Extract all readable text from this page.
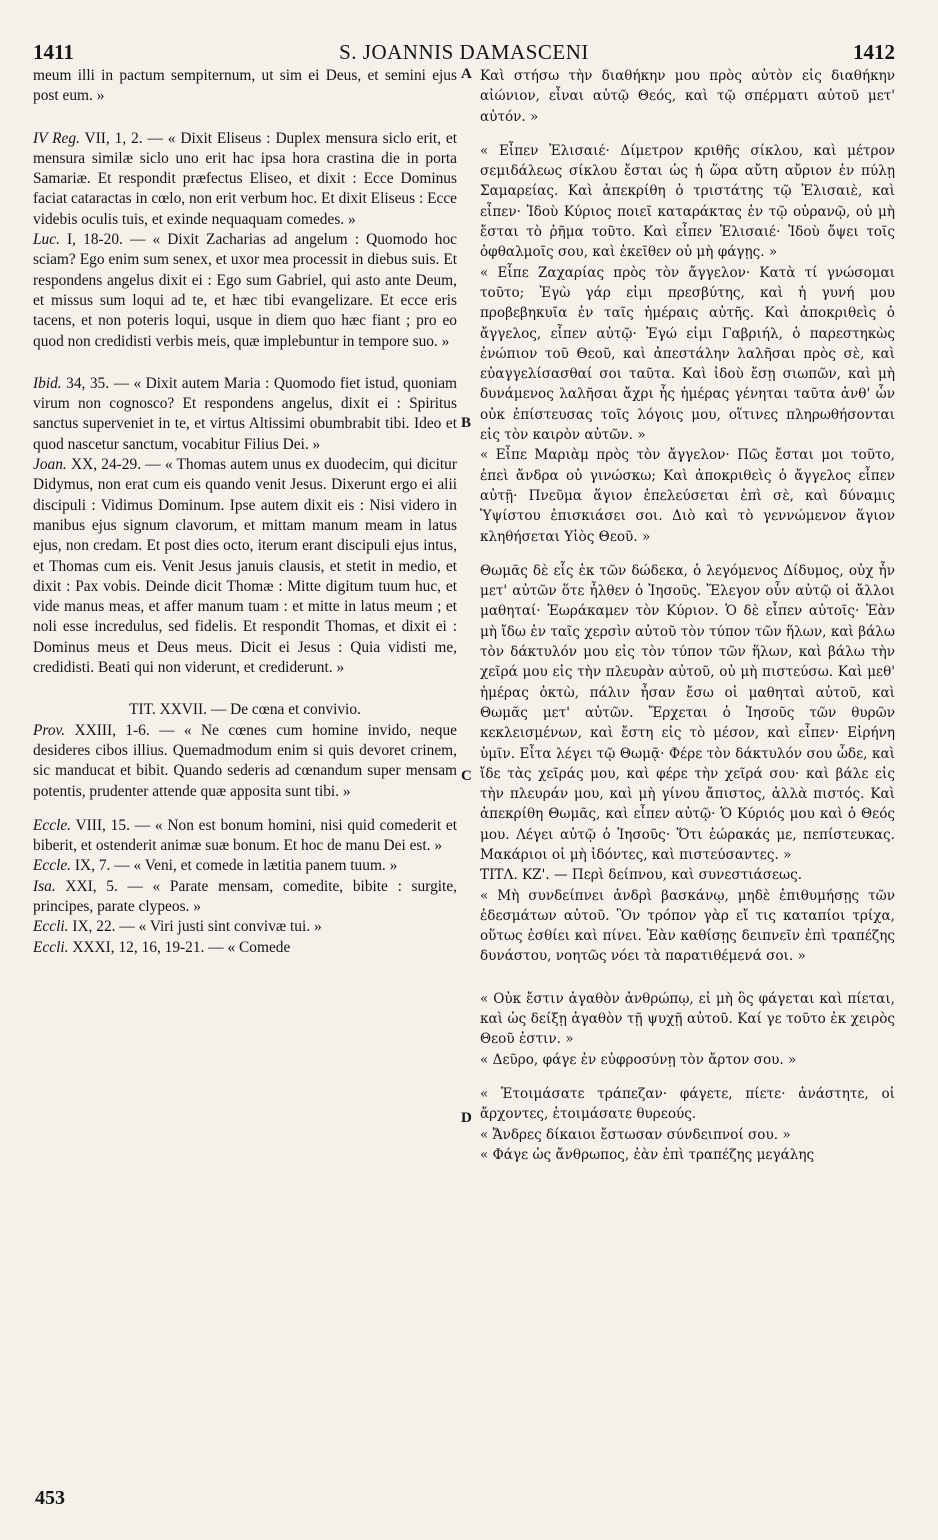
1411	S. JOANNIS DAMASCENI	1412

meum illi in pactum sempiternum, ut sim ei Deus, et semini ejus post eum. »

IV Reg. VII, 1, 2. — « Dixit Eliseus : Duplex mensura siclo erit, et mensura similæ siclo uno erit hac ipsa hora crastina die in porta Samariæ. Et respondit præfectus Eliseo, et dixit : Ecce Dominus faciat cataractas in cœlo, non erit verbum hoc. Et dixit Eliseus : Ecce videbis oculis tuis, et exinde nequaquam comedes. »

Luc. I, 18-20. — « Dixit Zacharias ad angelum : Quomodo hoc sciam? Ego enim sum senex, et uxor mea processit in diebus suis. Et respondens angelus dixit ei : Ego sum Gabriel, qui asto ante Deum, et missus sum loqui ad te, et hæc tibi evangelizare. Et ecce eris tacens, et non poteris loqui, usque in diem quo hæc fiant ; pro eo quod non credidisti verbis meis, quæ implebuntur in tempore suo. »

Ibid. 34, 35. — « Dixit autem Maria : Quomodo fiet istud, quoniam virum non cognosco? Et respondens angelus, dixit ei : Spiritus sanctus superveniet in te, et virtus Altissimi obumbrabit tibi. Ideo et quod nascetur sanctum, vocabitur Filius Dei. »

Joan. XX, 24-29. — « Thomas autem unus ex duodecim, qui dicitur Didymus, non erat cum eis quando venit Jesus. Dixerunt ergo ei alii discipuli : Vidimus Dominum. Ipse autem dixit eis : Nisi videro in manibus ejus signum clavorum, et mittam manum meam in latus ejus, non credam. Et post dies octo, iterum erant discipuli ejus intus, et Thomas cum eis. Venit Jesus januis clausis, et stetit in medio, et dixit : Pax vobis. Deinde dicit Thomæ : Mitte digitum tuum huc, et vide manus meas, et affer manum tuam : et mitte in latus meum ; et noli esse incredulus, sed fidelis. Et respondit Thomas, et dixit ei : Dominus meus et Deus meus. Dicit ei Jesus : Quia vidisti me, credidisti. Beati qui non viderunt, et crediderunt. »

TIT. XXVII. — De cœna et convivio.

Prov. XXIII, 1-6. — « Ne cœnes cum homine invido, neque desideres cibos illius. Quemadmodum enim si quis devoret crinem, sic manducat et bibit. Quando sederis ad cœnandum super mensam potentis, prudenter attende quæ apposita sunt tibi. »

Eccle. VIII, 15. — « Non est bonum homini, nisi quid comederit et biberit, et ostenderit animæ suæ bonum. Et hoc de manu Dei est. »

Eccle. IX, 7. — « Veni, et comede in lætitia panem tuum. »

Isa. XXI, 5. — « Parate mensam, comedite, bibite : surgite, principes, parate clypeos. »

Eccli. IX, 22. — « Viri justi sint convivæ tui. »

Eccli. XXXI, 12, 16, 19-21. — « Comede

Καὶ στήσω τὴν διαθήκην μου πρὸς αὐτὸν εἰς διαθήκην αἰώνιον, εἶναι αὐτῷ Θεός, καὶ τῷ σπέρματι αὐτοῦ μετ' αὐτόν. »

« Εἶπεν Ἐλισαιέ· Δίμετρον κριθῆς σίκλου, καὶ μέτρον σεμιδάλεως σίκλου ἔσται ὡς ἡ ὥρα αὔτη αὔριον ἐν πύλῃ Σαμαρείας. Καὶ ἀπεκρίθη ὁ τριστάτης τῷ Ἐλισαιὲ, καὶ εἶπεν· Ἰδοὺ Κύριος ποιεῖ καταράκτας ἐν τῷ οὐρανῷ, οὐ μὴ ἔσται τὸ ῥῆμα τοῦτο. Καὶ εἶπεν Ἐλισαιέ· Ἰδοὺ ὄψει τοῖς ὀφθαλμοῖς σου, καὶ ἐκεῖθεν οὐ μὴ φάγῃς. »

« Εἶπε Ζαχαρίας πρὸς τὸν ἄγγελον· Κατὰ τί γνώσομαι τοῦτο; Ἐγὼ γάρ εἰμι πρεσβύτης, καὶ ἡ γυνή μου προβεβηκυῖα ἐν ταῖς ἡμέραις αὐτῆς. Καὶ ἀποκριθεὶς ὁ ἄγγελος, εἶπεν αὐτῷ· Ἐγώ εἰμι Γαβριήλ, ὁ παρεστηκὼς ἐνώπιον τοῦ Θεοῦ, καὶ ἀπεστάλην λαλῆσαι πρὸς σὲ, καὶ εὐαγγελίσασθαί σοι ταῦτα. Καὶ ἰδοὺ ἔσῃ σιωπῶν, καὶ μὴ δυνάμενος λαλῆσαι ἄχρι ἧς ἡμέρας γένηται ταῦτα ἀνθ' ὧν οὐκ ἐπίστευσας τοῖς λόγοις μου, οἵτινες πληρωθήσονται εἰς τὸν καιρὸν αὐτῶν. »

« Εἶπε Μαριὰμ πρὸς τὸν ἄγγελον· Πῶς ἔσται μοι τοῦτο, ἐπεὶ ἄνδρα οὐ γινώσκω; Καὶ ἀποκριθεὶς ὁ ἄγγελος εἶπεν αὐτῇ· Πνεῦμα ἅγιον ἐπελεύσεται ἐπὶ σὲ, καὶ δύναμις Ὑψίστου ἐπισκιάσει σοι. Διὸ καὶ τὸ γεννώμενον ἅγιον κληθήσεται Υἱὸς Θεοῦ. »

Θωμᾶς δὲ εἷς ἐκ τῶν δώδεκα, ὁ λεγόμενος Δίδυμος, οὐχ ἦν μετ' αὐτῶν ὅτε ἦλθεν ὁ Ἰησοῦς. Ἔλεγον οὖν αὐτῷ οἱ ἄλλοι μαθηταί· Ἑωράκαμεν τὸν Κύριον. Ὁ δὲ εἶπεν αὐτοῖς· Ἐὰν μὴ ἴδω ἐν ταῖς χερσὶν αὐτοῦ τὸν τύπον τῶν ἥλων, καὶ βάλω τὸν δάκτυλόν μου εἰς τὸν τύπον τῶν ἥλων, καὶ βάλω τὴν χεῖρά μου εἰς τὴν πλευρὰν αὐτοῦ, οὐ μὴ πιστεύσω. Καὶ μεθ' ἡμέρας ὀκτὼ, πάλιν ἦσαν ἔσω οἱ μαθηταὶ αὐτοῦ, καὶ Θωμᾶς μετ' αὐτῶν. Ἔρχεται ὁ Ἰησοῦς τῶν θυρῶν κεκλεισμένων, καὶ ἔστη εἰς τὸ μέσον, καὶ εἶπεν· Εἰρήνη ὑμῖν. Εἶτα λέγει τῷ Θωμᾷ· Φέρε τὸν δάκτυλόν σου ὧδε, καὶ ἴδε τὰς χεῖράς μου, καὶ φέρε τὴν χεῖρά σου· καὶ βάλε εἰς τὴν πλευράν μου, καὶ μὴ γίνου ἄπιστος, ἀλλὰ πιστός. Καὶ ἀπεκρίθη Θωμᾶς, καὶ εἶπεν αὐτῷ· Ὁ Κύριός μου καὶ ὁ Θεός μου. Λέγει αὐτῷ ὁ Ἰησοῦς· Ὅτι ἑώρακάς με, πεπίστευκας. Μακάριοι οἱ μὴ ἰδόντες, καὶ πιστεύσαντες. »

ΤΙΤΛ. ΚΖ'. — Περὶ δείπνου, καὶ συνεστιάσεως.

« Μὴ συνδείπνει ἀνδρὶ βασκάνῳ, μηδὲ ἐπιθυμήσῃς τῶν ἐδεσμάτων αὐτοῦ. Ὃν τρόπον γὰρ εἴ τις καταπίοι τρίχα, οὕτως ἐσθίει καὶ πίνει. Ἐὰν καθίσῃς δειπνεῖν ἐπὶ τραπέζης δυνάστου, νοητῶς νόει τὰ παρατιθέμενά σοι. »

« Οὐκ ἔστιν ἀγαθὸν ἀνθρώπῳ, εἰ μὴ ὃς φάγεται καὶ πίεται, καὶ ὡς δείξῃ ἀγαθὸν τῇ ψυχῇ αὐτοῦ. Καί γε τοῦτο ἐκ χειρὸς Θεοῦ ἐστιν. »

« Δεῦρο, φάγε ἐν εὐφροσύνῃ τὸν ἄρτον σου. »

« Ἑτοιμάσατε τράπεζαν· φάγετε, πίετε· ἀνάστητε, οἱ ἄρχοντες, ἑτοιμάσατε θυρεούς.

« Ἄνδρες δίκαιοι ἔστωσαν σύνδειπνοί σου. »

« Φάγε ὡς ἄνθρωπος, ἐὰν ἐπὶ τραπέζης μεγάλης

A
B
C
D
453
